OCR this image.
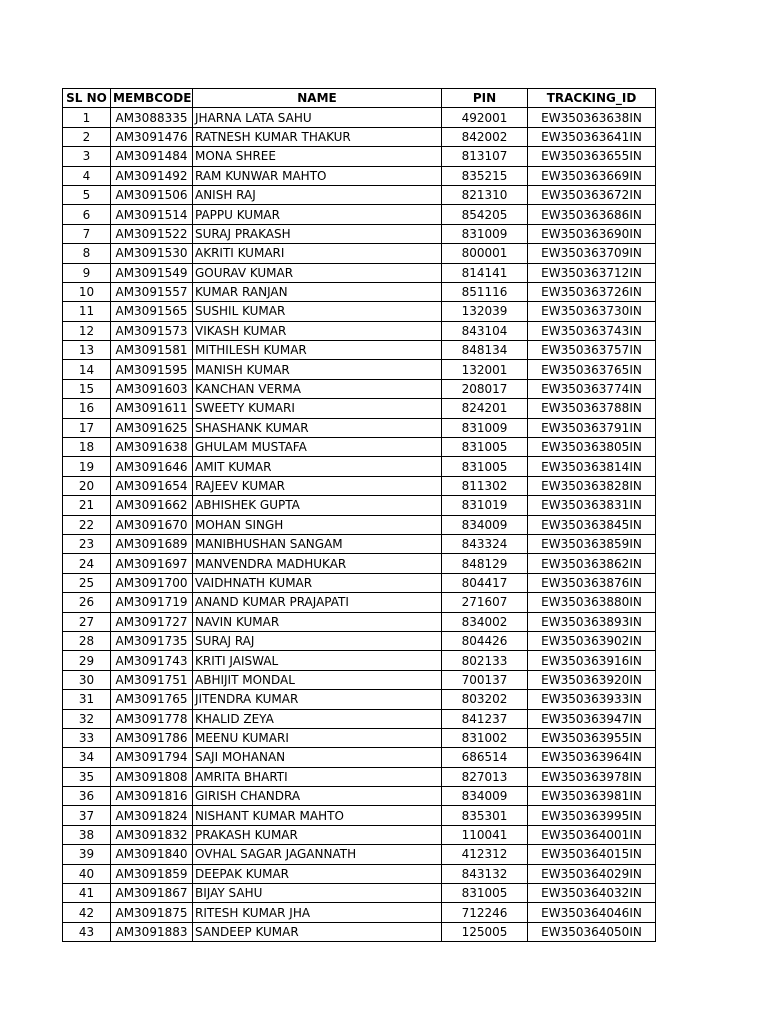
SL NO	MEMBCODE	NAME	PIN	TRACKING_ID
1	AM3088335	JHARNA LATA SAHU	492001	EW350363638IN
2	AM3091476	RATNESH KUMAR THAKUR	842002	EW350363641IN
3	AM3091484	MONA SHREE	813107	EW350363655IN
4	AM3091492	RAM KUNWAR MAHTO	835215	EW350363669IN
5	AM3091506	ANISH RAJ	821310	EW350363672IN
6	AM3091514	PAPPU KUMAR	854205	EW350363686IN
7	AM3091522	SURAJ PRAKASH	831009	EW350363690IN
8	AM3091530	AKRITI KUMARI	800001	EW350363709IN
9	AM3091549	GOURAV KUMAR	814141	EW350363712IN
10	AM3091557	KUMAR RANJAN	851116	EW350363726IN
11	AM3091565	SUSHIL KUMAR	132039	EW350363730IN
12	AM3091573	VIKASH KUMAR	843104	EW350363743IN
13	AM3091581	MITHILESH KUMAR	848134	EW350363757IN
14	AM3091595	MANISH KUMAR	132001	EW350363765IN
15	AM3091603	KANCHAN VERMA	208017	EW350363774IN
16	AM3091611	SWEETY KUMARI	824201	EW350363788IN
17	AM3091625	SHASHANK KUMAR	831009	EW350363791IN
18	AM3091638	GHULAM MUSTAFA	831005	EW350363805IN
19	AM3091646	AMIT KUMAR	831005	EW350363814IN
20	AM3091654	RAJEEV KUMAR	811302	EW350363828IN
21	AM3091662	ABHISHEK GUPTA	831019	EW350363831IN
22	AM3091670	MOHAN SINGH	834009	EW350363845IN
23	AM3091689	MANIBHUSHAN SANGAM	843324	EW350363859IN
24	AM3091697	MANVENDRA MADHUKAR	848129	EW350363862IN
25	AM3091700	VAIDHNATH KUMAR	804417	EW350363876IN
26	AM3091719	ANAND KUMAR PRAJAPATI	271607	EW350363880IN
27	AM3091727	NAVIN KUMAR	834002	EW350363893IN
28	AM3091735	SURAJ RAJ	804426	EW350363902IN
29	AM3091743	KRITI JAISWAL	802133	EW350363916IN
30	AM3091751	ABHIJIT MONDAL	700137	EW350363920IN
31	AM3091765	JITENDRA KUMAR	803202	EW350363933IN
32	AM3091778	KHALID ZEYA	841237	EW350363947IN
33	AM3091786	MEENU KUMARI	831002	EW350363955IN
34	AM3091794	SAJI MOHANAN	686514	EW350363964IN
35	AM3091808	AMRITA BHARTI	827013	EW350363978IN
36	AM3091816	GIRISH CHANDRA	834009	EW350363981IN
37	AM3091824	NISHANT KUMAR MAHTO	835301	EW350363995IN
38	AM3091832	PRAKASH KUMAR	110041	EW350364001IN
39	AM3091840	OVHAL SAGAR JAGANNATH	412312	EW350364015IN
40	AM3091859	DEEPAK KUMAR	843132	EW350364029IN
41	AM3091867	BIJAY SAHU	831005	EW350364032IN
42	AM3091875	RITESH KUMAR JHA	712246	EW350364046IN
43	AM3091883	SANDEEP KUMAR	125005	EW350364050IN
